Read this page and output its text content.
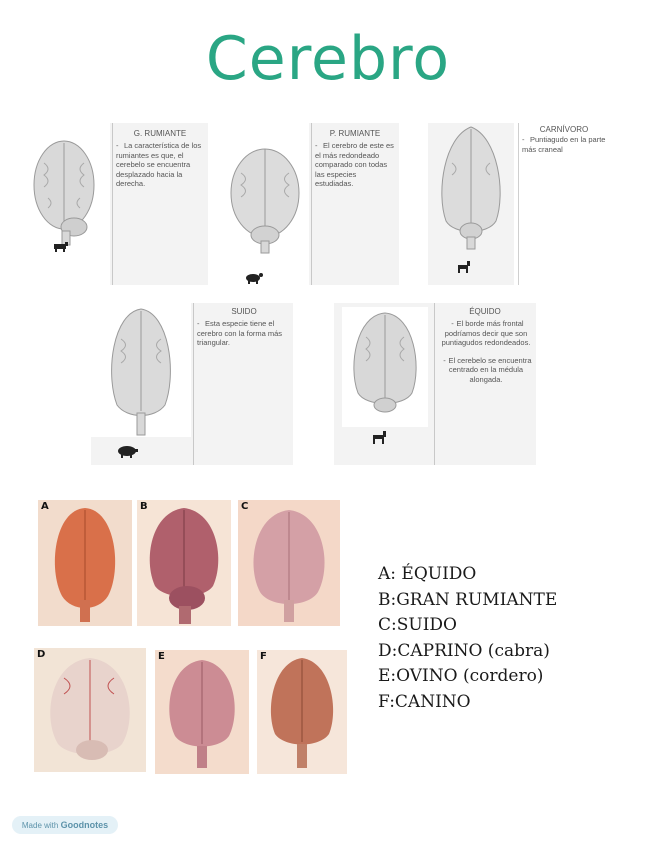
Cerebro
G. RUMIANTE

- La característica de los rumiantes es que, el cerebelo se encuentra desplazado hacia la derecha.

P. RUMIANTE

- El cerebro de este es el más redondeado comparado con todas las especies estudiadas.

CARNÍVORO

- Puntiagudo en la parte más craneal

SUIDO

- Esta especie tiene el cerebro con la forma más triangular.

ÉQUIDO

- El borde más frontal podríamos decir que son puntiagudos redondeados.

- El cerebelo se encuentra centrado en la médula alongada.

A	B	C
D	E	F
A: ÉQUIDO
B:GRAN RUMIANTE
C:SUIDO
D:CAPRINO (cabra)
E:OVINO (cordero)
F:CANINO
Made with Goodnotes
